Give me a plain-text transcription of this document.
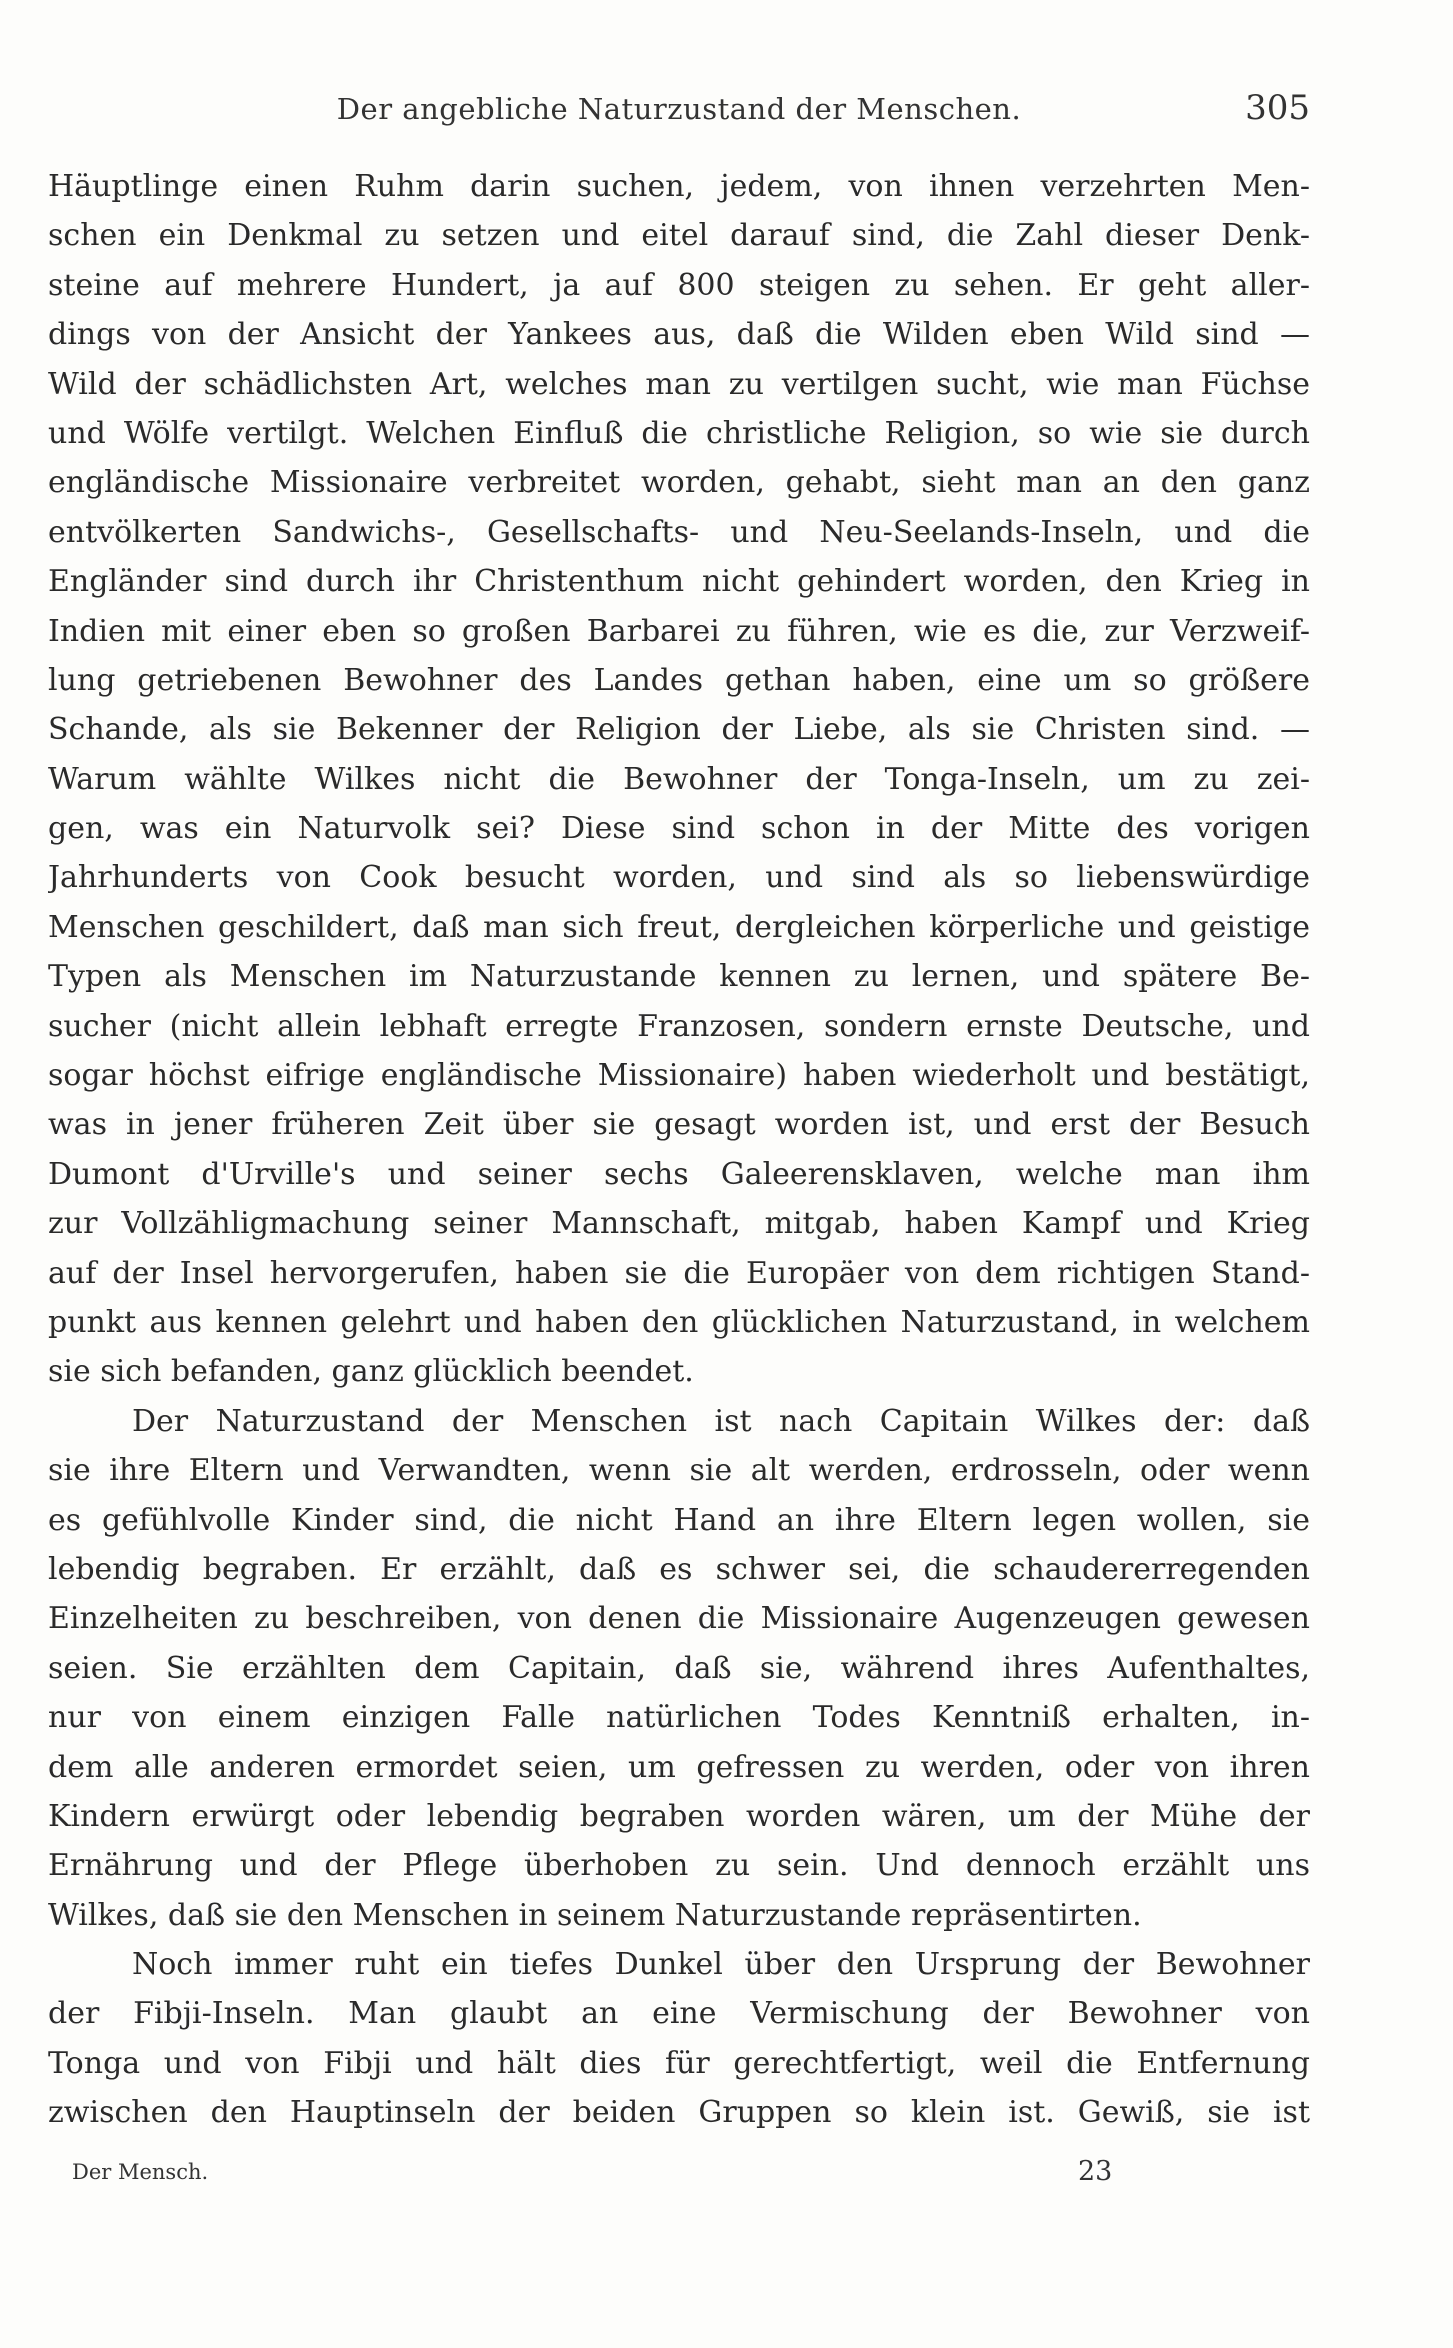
Der angebliche Naturzustand der Menschen.	305
Häuptlinge einen Ruhm darin suchen, jedem, von ihnen verzehrten Men-
schen ein Denkmal zu setzen und eitel darauf sind, die Zahl dieser Denk-
steine auf mehrere Hundert, ja auf 800 steigen zu sehen. Er geht aller-
dings von der Ansicht der Yankees aus, daß die Wilden eben Wild sind —
Wild der schädlichsten Art, welches man zu vertilgen sucht, wie man Füchse
und Wölfe vertilgt. Welchen Einfluß die christliche Religion, so wie sie durch
engländische Missionaire verbreitet worden, gehabt, sieht man an den ganz
entvölkerten Sandwichs-, Gesellschafts- und Neu-Seelands-Inseln, und die
Engländer sind durch ihr Christenthum nicht gehindert worden, den Krieg in
Indien mit einer eben so großen Barbarei zu führen, wie es die, zur Verzweif-
lung getriebenen Bewohner des Landes gethan haben, eine um so größere
Schande, als sie Bekenner der Religion der Liebe, als sie Christen sind. —
Warum wählte Wilkes nicht die Bewohner der Tonga-Inseln, um zu zei-
gen, was ein Naturvolk sei? Diese sind schon in der Mitte des vorigen
Jahrhunderts von Cook besucht worden, und sind als so liebenswürdige
Menschen geschildert, daß man sich freut, dergleichen körperliche und geistige
Typen als Menschen im Naturzustande kennen zu lernen, und spätere Be-
sucher (nicht allein lebhaft erregte Franzosen, sondern ernste Deutsche, und
sogar höchst eifrige engländische Missionaire) haben wiederholt und bestätigt,
was in jener früheren Zeit über sie gesagt worden ist, und erst der Besuch
Dumont d'Urville's und seiner sechs Galeerensklaven, welche man ihm
zur Vollzähligmachung seiner Mannschaft, mitgab, haben Kampf und Krieg
auf der Insel hervorgerufen, haben sie die Europäer von dem richtigen Stand-
punkt aus kennen gelehrt und haben den glücklichen Naturzustand, in welchem
sie sich befanden, ganz glücklich beendet.
Der Naturzustand der Menschen ist nach Capitain Wilkes der: daß
sie ihre Eltern und Verwandten, wenn sie alt werden, erdrosseln, oder wenn
es gefühlvolle Kinder sind, die nicht Hand an ihre Eltern legen wollen, sie
lebendig begraben. Er erzählt, daß es schwer sei, die schaudererregenden
Einzelheiten zu beschreiben, von denen die Missionaire Augenzeugen gewesen
seien. Sie erzählten dem Capitain, daß sie, während ihres Aufenthaltes,
nur von einem einzigen Falle natürlichen Todes Kenntniß erhalten, in-
dem alle anderen ermordet seien, um gefressen zu werden, oder von ihren
Kindern erwürgt oder lebendig begraben worden wären, um der Mühe der
Ernährung und der Pflege überhoben zu sein. Und dennoch erzählt uns
Wilkes, daß sie den Menschen in seinem Naturzustande repräsentirten.
Noch immer ruht ein tiefes Dunkel über den Ursprung der Bewohner
der Fibji-Inseln. Man glaubt an eine Vermischung der Bewohner von
Tonga und von Fibji und hält dies für gerechtfertigt, weil die Entfernung
zwischen den Hauptinseln der beiden Gruppen so klein ist. Gewiß, sie ist
Der Mensch.	23
